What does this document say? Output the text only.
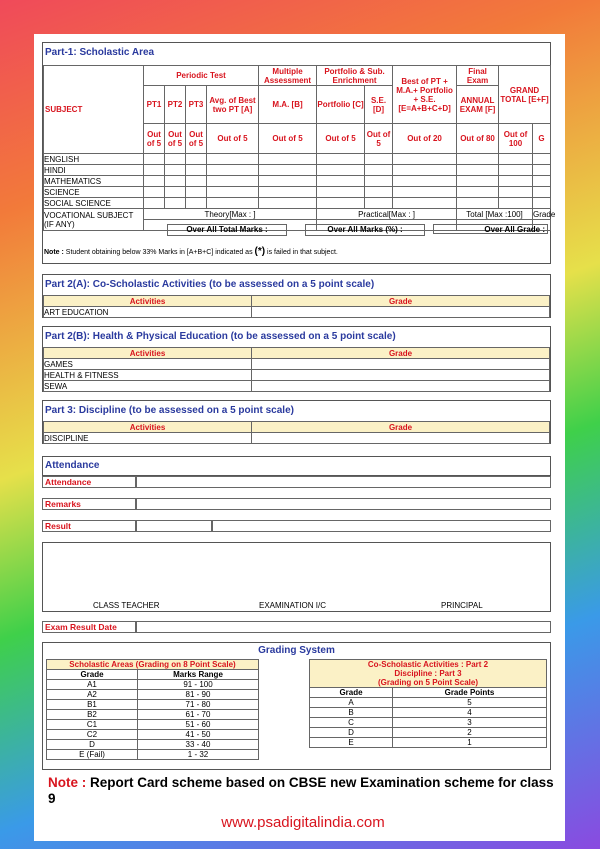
Part-1: Scholastic Area
SUBJECT	Periodic Test				Multiple Assessment	Portfolio & Sub. Enrichment		Best of PT + M.A.+ Portfolio + S.E. [E=A+B+C+D]	Final Exam	GRAND TOTAL [E+F]	
	PT1	PT2	PT3	Avg. of Best two PT [A]	M.A. [B]	Portfolio [C]	S.E. [D]		ANNUAL EXAM [F]		
	Out of 5	Out of 5	Out of 5	Out of 5	Out of 5	Out of 5	Out of 5	Out of 20	Out of 80	Out of 100	G
ENGLISH											
HINDI											
MATHEMATICS											
SCIENCE											
SOCIAL SCIENCE											
VOCATIONAL SUBJECT (IF ANY)	Theory[Max : ]					Practical[Max : ]			Total [Max :100]		Grade

Over All Total Marks :	Over All Marks (%) :	Over All Grade :
Note : Student obtaining below 33% Marks in [A+B+C] indicated as (*) is failed in that subject.
Part 2(A): Co-Scholastic Activities (to be assessed on a 5 point scale)
Activities	Grade
ART EDUCATION	
Part 2(B): Health & Physical Education (to be assessed on a 5 point scale)
Activities	Grade
GAMES	
HEALTH & FITNESS	
SEWA	
Part 3: Discipline (to be assessed on a 5 point scale)
Activities	Grade
DISCIPLINE	
Attendance
Attendance
Remarks
Result
CLASS TEACHER	EXAMINATION I/C	PRINCIPAL
Exam Result Date
Grading System
Scholastic Areas (Grading on 8 Point Scale)	
Grade	Marks Range
A1	91 - 100
A2	81 - 90
B1	71 - 80
B2	61 - 70
C1	51 - 60
C2	41 - 50
D	33 - 40
E (Fail)	1 - 32
Co-Scholastic Activities : Part 2
Discipline : Part 3
(Grading on 5 Point Scale)	

Grade	Grade Points
A	5
B	4
C	3
D	2
E	1
Note : Report Card scheme based on CBSE new Examination scheme for class 9
www.psadigitalindia.com
